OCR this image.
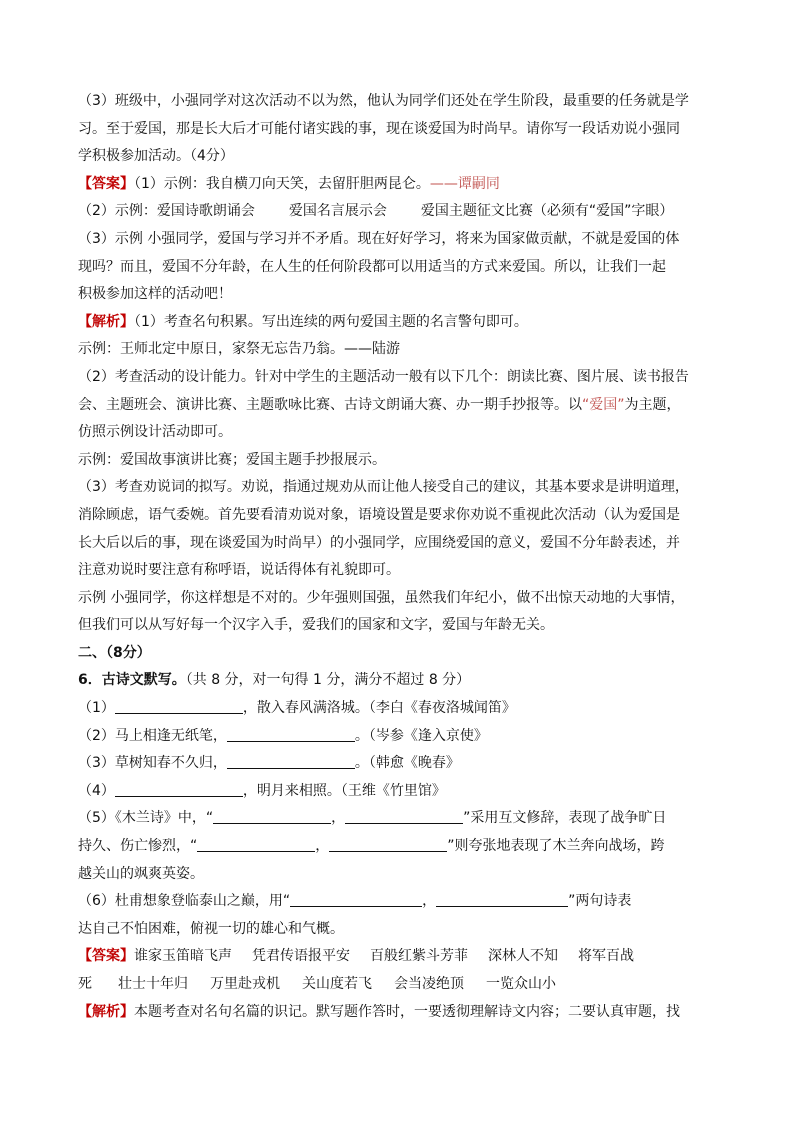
（3）班级中，小强同学对这次活动不以为然，他认为同学们还处在学生阶段，最重要的任务就是学
习。至于爱国，那是长大后才可能付诸实践的事，现在谈爱国为时尚早。请你写一段话劝说小强同
学积极参加活动。（4分）
【答案】（1）示例：我自横刀向天笑，去留肝胆两昆仑。——谭嗣同
（2）示例：爱国诗歌朗诵会 爱国名言展示会 爱国主题征文比赛（必须有“爱国”字眼）
（3）示例 小强同学，爱国与学习并不矛盾。现在好好学习，将来为国家做贡献，不就是爱国的体
现吗？而且，爱国不分年龄，在人生的任何阶段都可以用适当的方式来爱国。所以，让我们一起
积极参加这样的活动吧！
【解析】（1）考查名句积累。写出连续的两句爱国主题的名言警句即可。
示例：王师北定中原日，家祭无忘告乃翁。——陆游
（2）考查活动的设计能力。针对中学生的主题活动一般有以下几个：朗读比赛、图片展、读书报告
会、主题班会、演讲比赛、主题歌咏比赛、古诗文朗诵大赛、办一期手抄报等。以“爱国”为主题，
仿照示例设计活动即可。
示例：爱国故事演讲比赛；爱国主题手抄报展示。
（3）考查劝说词的拟写。劝说，指通过规劝从而让他人接受自己的建议，其基本要求是讲明道理，
消除顾虑，语气委婉。首先要看清劝说对象，语境设置是要求你劝说不重视此次活动（认为爱国是
长大后以后的事，现在谈爱国为时尚早）的小强同学，应围绕爱国的意义，爱国不分年龄表述，并
注意劝说时要注意有称呼语，说话得体有礼貌即可。
示例 小强同学，你这样想是不对的。少年强则国强，虽然我们年纪小，做不出惊天动地的大事情，
但我们可以从写好每一个汉字入手，爱我们的国家和文字，爱国与年龄无关。
二、（8分）
6．古诗文默写。（共 8 分，对一句得 1 分，满分不超过 8 分）
（1）	，散入春风满洛城。（李白《春夜洛城闻笛》
（2）马上相逢无纸笔，	。（岑参《逢入京使》
（3）草树知春不久归，	。（韩愈《晚春》
（4）	，明月来相照。（王维《竹里馆》
（5）《木兰诗》中，“	，	”采用互文修辞，表现了战争旷日
持久、伤亡惨烈，“	，	”则夸张地表现了木兰奔向战场，跨
越关山的飒爽英姿。
（6）杜甫想象登临泰山之巅，用“	，	”两句诗表
达自己不怕困难，俯视一切的雄心和气概。
【答案】谁家玉笛暗飞声 凭君传语报平安 百般红紫斗芳菲 深林人不知 将军百战
死 壮士十年归 万里赴戎机 关山度若飞 会当凌绝顶 一览众山小
【解析】本题考查对名句名篇的识记。默写题作答时，一要透彻理解诗文内容；二要认真审题，找
